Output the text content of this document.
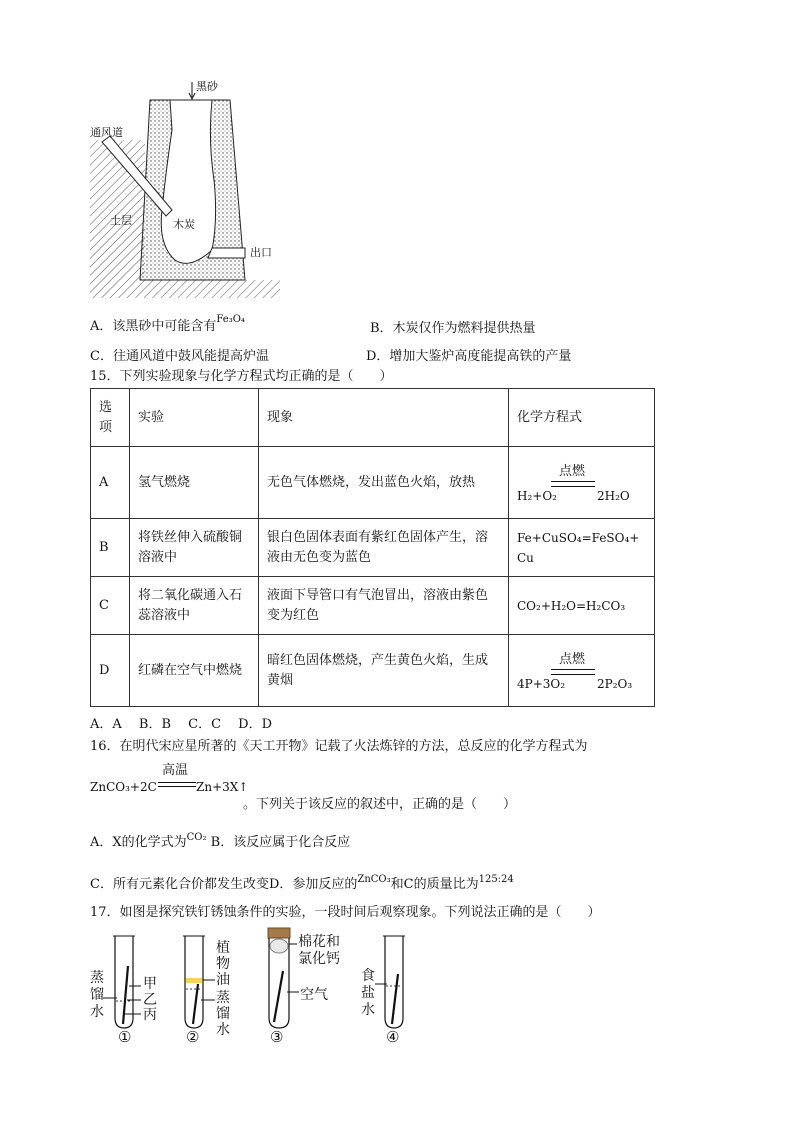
黑砂
通风道
土层	木炭
出口
A．该黑砂中可能含有$^{Fe_3O_4}$
B．木炭仅作为燃料提供热量
C．往通风道中鼓风能提高炉温	D．增加大鉴炉高度能提高铁的产量
15．下列实验现象与化学方程式均正确的是（　　）
选项	实验	现象	化学方程式
A	氢气燃烧	无色气体燃烧，发出蓝色火焰，放热	点燃
H₂+O₂ 2H₂O

B	将铁丝伸入硫酸铜溶液中	银白色固体表面有紫红色固体产生，溶液由无色变为蓝色	Fe+CuSO₄=FeSO₄+Cu
C	将二氧化碳通入石蕊溶液中	液面下导管口有气泡冒出，溶液由紫色变为红色	CO₂+H₂O=H₂CO₃
D	红磷在空气中燃烧	暗红色固体燃烧，产生黄色火焰，生成黄烟	点燃
4P+3O₂ 2P₂O₃
A．A　 B．B　 C．C　 D．D
16．在明代宋应星所著的《天工开物》记载了火法炼锌的方法，总反应的化学方程式为
ZnCO₃+2C
高温
Zn+3X↑
。下列关于该反应的叙述中，正确的是（　　）
A．X的化学式为$^{CO_2}$ B．该反应属于化合反应
C．所有元素化合价都发生改变D．参加反应的$^{ZnCO_3}$和C的质量比为$^{125:24}$
17．如图是探究铁钉锈蚀条件的实验，一段时间后观察现象。下列说法正确的是（　　）
蒸馏水
甲
乙
丙
①
植物油
蒸馏水
②
棉花和氯化钙
空气
③
食盐水
④
